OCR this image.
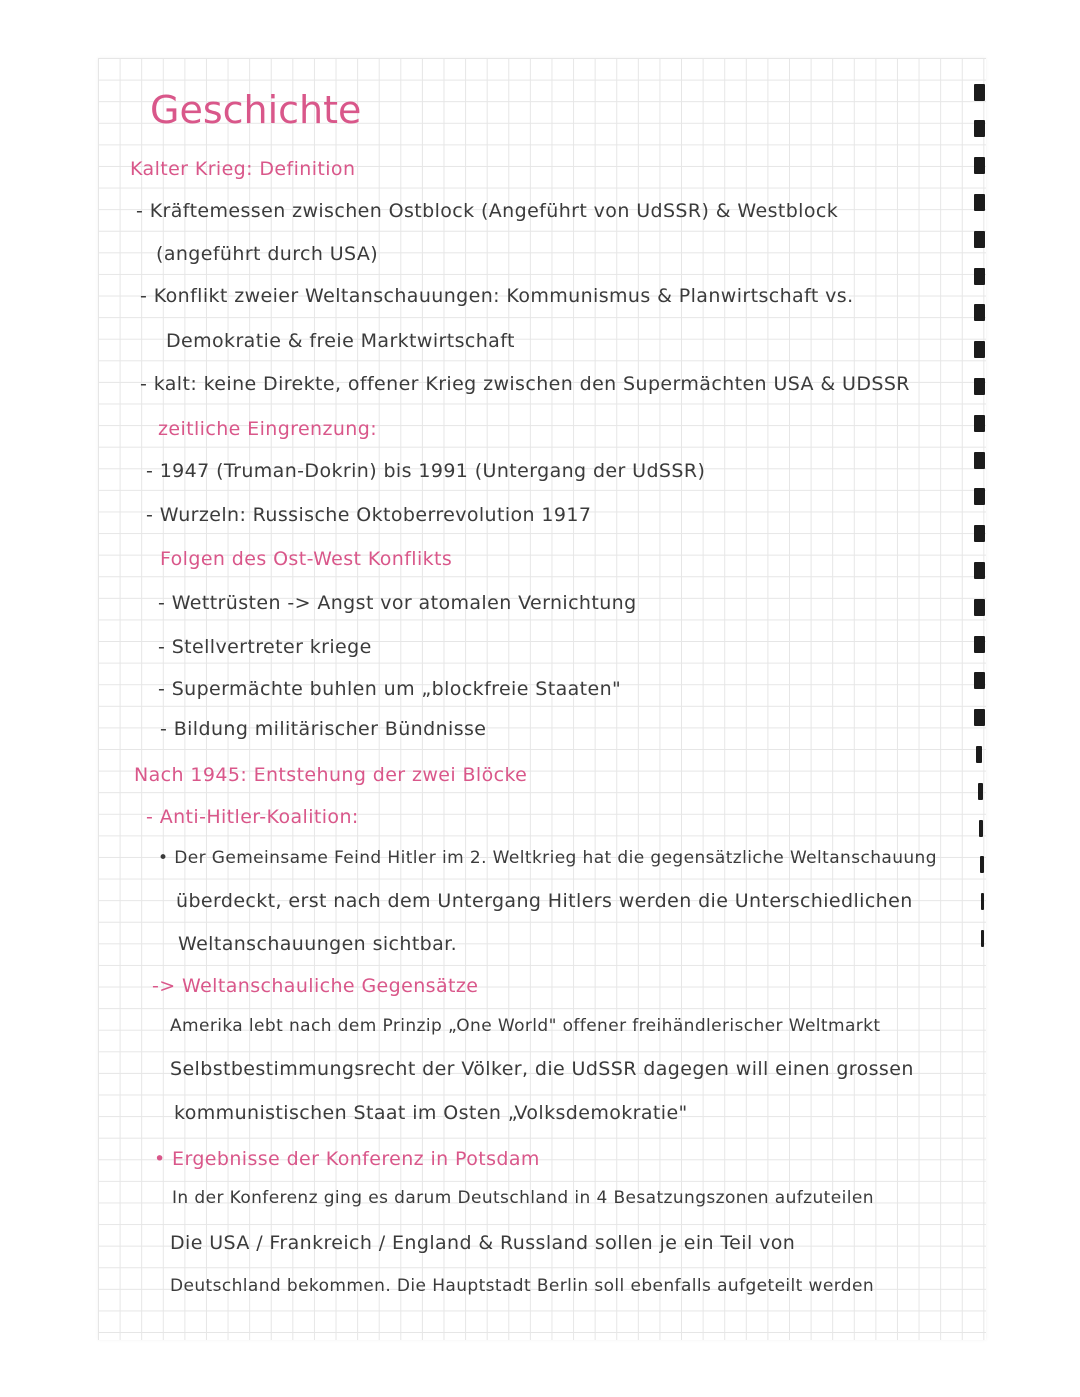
Geschichte
Kalter Krieg: Definition
- Kräftemessen zwischen Ostblock (Angeführt von UdSSR) & Westblock
(angeführt durch USA)
- Konflikt zweier Weltanschauungen: Kommunismus & Planwirtschaft vs.
Demokratie & freie Marktwirtschaft
- kalt: keine Direkte, offener Krieg zwischen den Supermächten USA & UDSSR
zeitliche Eingrenzung:
- 1947 (Truman-Dokrin) bis 1991 (Untergang der UdSSR)
- Wurzeln: Russische Oktoberrevolution 1917
Folgen des Ost-West Konflikts
- Wettrüsten -> Angst vor atomalen Vernichtung
- Stellvertreter kriege
- Supermächte buhlen um „blockfreie Staaten"
- Bildung militärischer Bündnisse
Nach 1945: Entstehung der zwei Blöcke
- Anti-Hitler-Koalition:
• Der Gemeinsame Feind Hitler im 2. Weltkrieg hat die gegensätzliche Weltanschauung
überdeckt, erst nach dem Untergang Hitlers werden die Unterschiedlichen
Weltanschauungen sichtbar.
-> Weltanschauliche Gegensätze
Amerika lebt nach dem Prinzip „One World" offener freihändlerischer Weltmarkt
Selbstbestimmungsrecht der Völker, die UdSSR dagegen will einen grossen
kommunistischen Staat im Osten „Volksdemokratie"
• Ergebnisse der Konferenz in Potsdam
In der Konferenz ging es darum Deutschland in 4 Besatzungszonen aufzuteilen
Die USA / Frankreich / England & Russland sollen je ein Teil von
Deutschland bekommen. Die Hauptstadt Berlin soll ebenfalls aufgeteilt werden
